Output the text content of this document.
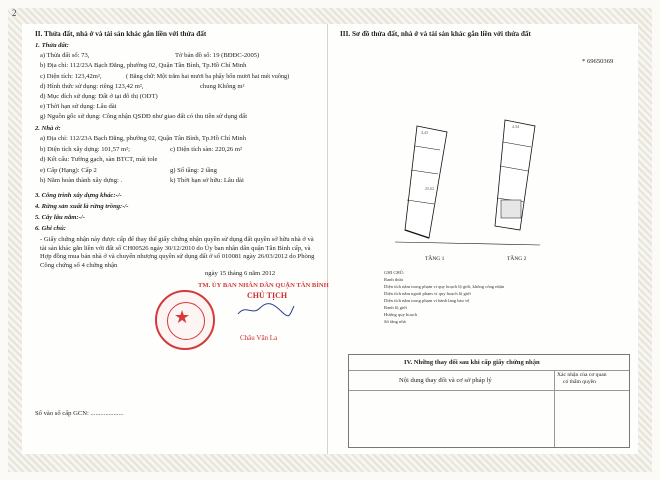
2
II. Thửa đất, nhà ở và tài sản khác gắn liền với thửa đất
1. Thửa đất:
a) Thửa đất số: 73,	Tờ bản đồ số: 19 (BĐĐC-2005)
b) Địa chỉ: 112/23A Bạch Đằng, phường 02, Quận Tân Bình, Tp.Hồ Chí Minh
c) Diện tích: 123,42m²,	( Bằng chữ: Một trăm hai mươi ba phẩy bốn mươi hai mét vuông)
d) Hình thức sử dụng: riêng 123,42 m²,	chung Không m²
đ) Mục đích sử dụng: Đất ở tại đô thị (ODT)
e) Thời hạn sử dụng: Lâu dài
g) Nguồn gốc sử dụng: Công nhận QSDĐ như giao đất có thu tiền sử dụng đất
2. Nhà ở:
a) Địa chỉ: 112/23A Bạch Đằng, phường 02, Quận Tân Bình, Tp.Hồ Chí Minh
b) Diện tích xây dựng: 101,57 m²;	c) Diện tích sàn: 220,26 m²
d) Kết cấu: Tường gạch, sàn BTCT, mái tole
e) Cấp (Hạng): Cấp 2	g) Số tầng: 2 tầng
h) Năm hoàn thành xây dựng: .	k) Thời hạn sở hữu: Lâu dài
3. Công trình xây dựng khác:-/-
4. Rừng sản xuất là rừng trồng:-/-
5. Cây lâu năm:-/-
6. Ghi chú:
- Giấy chứng nhận này được cấp để thay thế giấy chứng nhận quyền sử dụng đất quyền sở hữu nhà ở và tài sản khác gắn liền với đất số CH00526 ngày 30/12/2010 do Ủy ban nhân dân quận Tân Bình cấp, và Hợp đồng mua bán nhà ở và chuyển nhượng quyền sử dụng đất ở số 010081 ngày 26/03/2012 do Phòng Công chứng số 4 chứng nhận
ngày 15 tháng 6 năm 2012
TM. ỦY BAN NHÂN DÂN QUẬN TÂN BÌNH
★
CHỦ TỊCH
Châu Văn La
Số vào sổ cấp GCN: ....................
III. Sơ đồ thửa đất, nhà ở và tài sản khác gắn liền với thửa đất
* 69650369
4,43
25,62
4,34
TẦNG 1	TẦNG 2
GHI CHÚ:
Ranh thửa
Diện tích nằm trong phạm vi quy hoạch lộ giới, không công nhận
Diện tích nằm ngoài phạm vi quy hoạch lộ giới
Diện tích nằm trong phạm vi hành lang bảo vệ
Ranh lộ giới
Hướng quy hoạch
Số tầng nhà
IV. Những thay đổi sau khi cấp giấy chứng nhận
Nội dung thay đổi và cơ sở pháp lý
Xác nhận của cơ quan
có thẩm quyền
